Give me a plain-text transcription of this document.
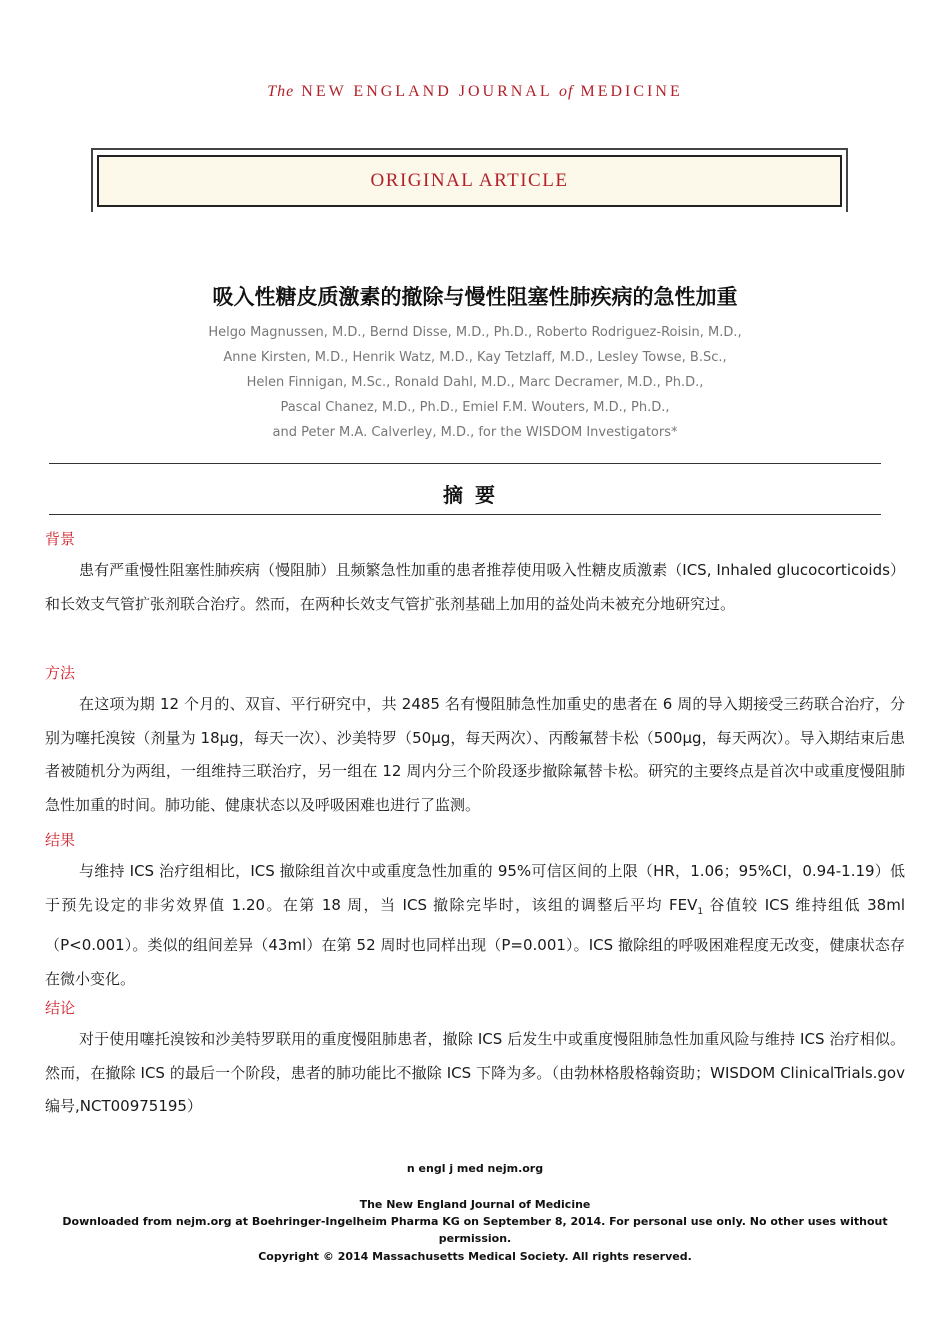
The NEW ENGLAND JOURNAL of MEDICINE
ORIGINAL ARTICLE
吸入性糖皮质激素的撤除与慢性阻塞性肺疾病的急性加重
Helgo Magnussen, M.D., Bernd Disse, M.D., Ph.D., Roberto Rodriguez-Roisin, M.D.,
Anne Kirsten, M.D., Henrik Watz, M.D., Kay Tetzlaff, M.D., Lesley Towse, B.Sc.,
Helen Finnigan, M.Sc., Ronald Dahl, M.D., Marc Decramer, M.D., Ph.D.,
Pascal Chanez, M.D., Ph.D., Emiel F.M. Wouters, M.D., Ph.D.,
and Peter M.A. Calverley, M.D., for the WISDOM Investigators*
摘要
背景
患有严重慢性阻塞性肺疾病（慢阻肺）且频繁急性加重的患者推荐使用吸入性糖皮质激素（ICS, Inhaled glucocorticoids）和长效支气管扩张剂联合治疗。然而，在两种长效支气管扩张剂基础上加用的益处尚未被充分地研究过。
方法
在这项为期 12 个月的、双盲、平行研究中，共 2485 名有慢阻肺急性加重史的患者在 6 周的导入期接受三药联合治疗，分别为噻托溴铵（剂量为 18μg，每天一次）、沙美特罗（50μg，每天两次）、丙酸氟替卡松（500μg，每天两次）。导入期结束后患者被随机分为两组，一组维持三联治疗，另一组在 12 周内分三个阶段逐步撤除氟替卡松。研究的主要终点是首次中或重度慢阻肺急性加重的时间。肺功能、健康状态以及呼吸困难也进行了监测。
结果
与维持 ICS 治疗组相比，ICS 撤除组首次中或重度急性加重的 95%可信区间的上限（HR，1.06；95%CI，0.94-1.19）低于预先设定的非劣效界值 1.20。在第 18 周，当 ICS 撤除完毕时，该组的调整后平均 $FEV_1$ 谷值较 ICS 维持组低 38ml（P<0.001）。类似的组间差异（43ml）在第 52 周时也同样出现（P=0.001）。ICS 撤除组的呼吸困难程度无改变，健康状态存在微小变化。
结论
对于使用噻托溴铵和沙美特罗联用的重度慢阻肺患者，撤除 ICS 后发生中或重度慢阻肺急性加重风险与维持 ICS 治疗相似。然而，在撤除 ICS 的最后一个阶段，患者的肺功能比不撤除 ICS 下降为多。（由勃林格殷格翰资助；WISDOM ClinicalTrials.gov 编号,NCT00975195）
n engl j med nejm.org
The New England Journal of Medicine
Downloaded from nejm.org at Boehringer-Ingelheim Pharma KG on September 8, 2014. For personal use only. No other uses without
permission.
Copyright © 2014 Massachusetts Medical Society. All rights reserved.
